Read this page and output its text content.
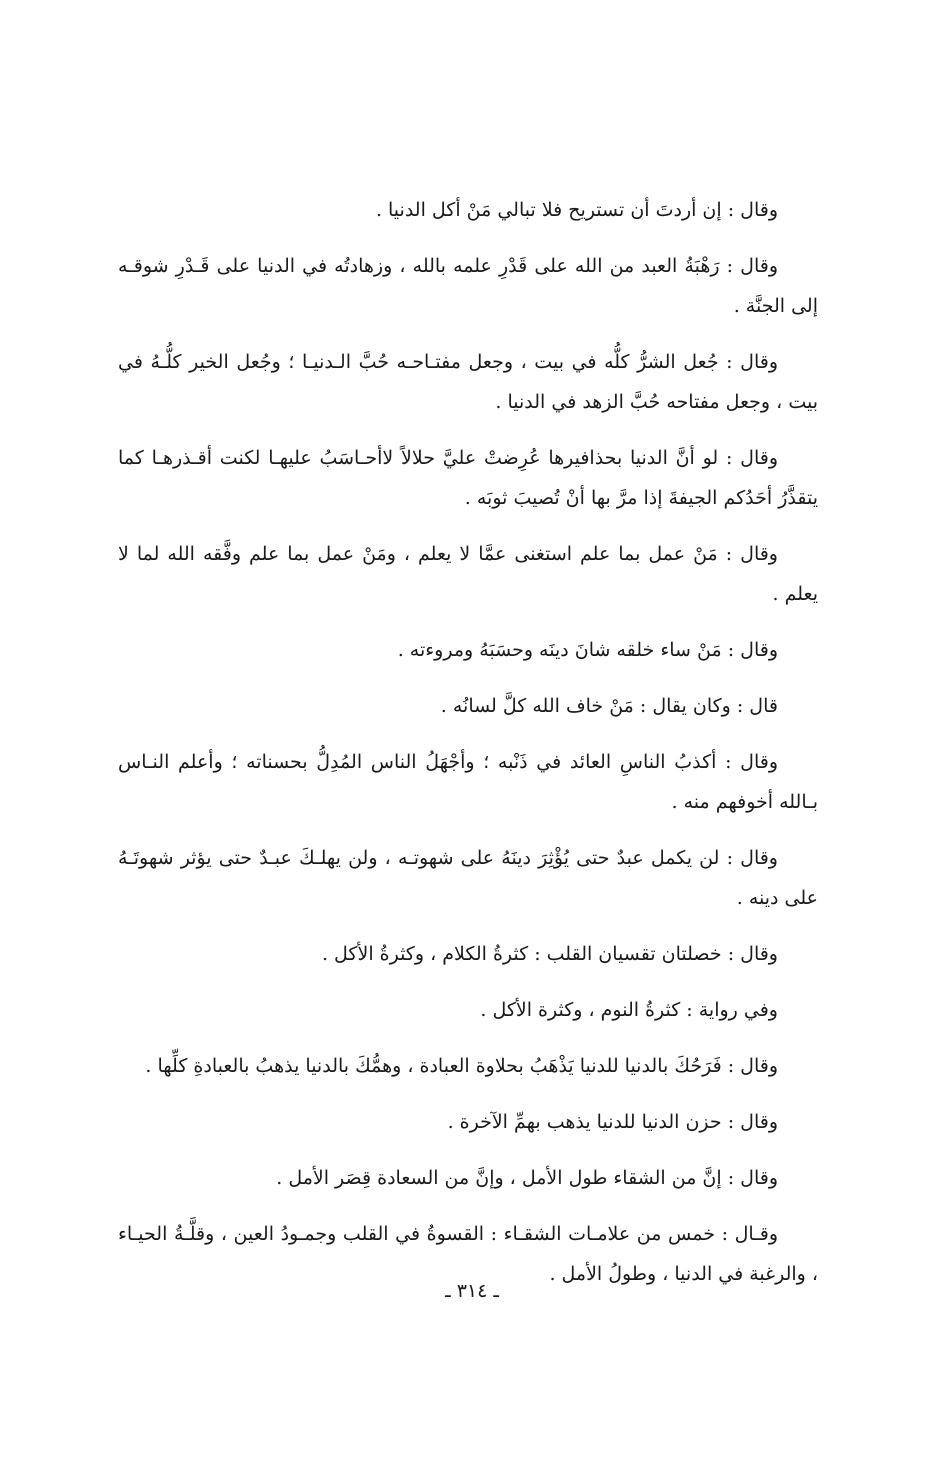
وقال : إن أردتَ أن تستريح فلا تبالي مَنْ أكل الدنيا .

وقال : رَهْبَةُ العبد من الله على قَدْرِ علمه بالله ، وزهادتُه في الدنيا على قَـدْرِ شوقـه إلى الجنَّة .

وقال : جُعل الشرُّ كلُّه في بيت ، وجعل مفتـاحـه حُبَّ الـدنيـا ؛ وجُعل الخير كلُّـهُ في بيت ، وجعل مفتاحه حُبَّ الزهد في الدنيا .

وقال : لو أنَّ الدنيا بحذافيرها عُرِضتْ عليَّ حلالاً لاأحـاسَبُ عليهـا لكنت أقـذرهـا كما يتقذَّرُ أحَدُكم الجيفةَ إذا مرَّ بها أنْ تُصيبَ ثوبَه .

وقال : مَنْ عمل بما علم استغنى عمَّا لا يعلم ، ومَنْ عمل بما علم وفَّقه الله لما لا يعلم .

وقال : مَنْ ساء خلقه شانَ دينَه وحسَبَهُ ومروءته .

قال : وكان يقال : مَنْ خاف الله كلَّ لسانُه .

وقال : أكذبُ الناسِ العائد في ذَنْبه ؛ وأجْهَلُ الناس المُدِلُّ بحسناته ؛ وأعلم النـاس بـالله أخوفهم منه .

وقال : لن يكمل عبدٌ حتى يُؤْثِرَ دينَهُ على شهوتـه ، ولن يهلـكَ عبـدٌ حتى يؤثر شهوتَـهُ على دينه .

وقال : خصلتان تقسيان القلب : كثرةُ الكلام ، وكثرةُ الأكل .

وفي رواية : كثرةُ النوم ، وكثرة الأكل .

وقال : فَرَحُكَ بالدنيا للدنيا يَذْهَبُ بحلاوة العبادة ، وهمُّكَ بالدنيا يذهبُ بالعبادةِ كلِّها .

وقال : حزن الدنيا للدنيا يذهب بهمِّ الآخرة .

وقال : إنَّ من الشقاء طول الأمل ، وإنَّ من السعادة قِصَر الأمل .

وقـال : خمس من علامـات الشقـاء : القسوةُ في القلب وجمـودُ العين ، وقلَّـةُ الحيـاء ، والرغبة في الدنيا ، وطولُ الأمل .

ـ ٣١٤ ـ
